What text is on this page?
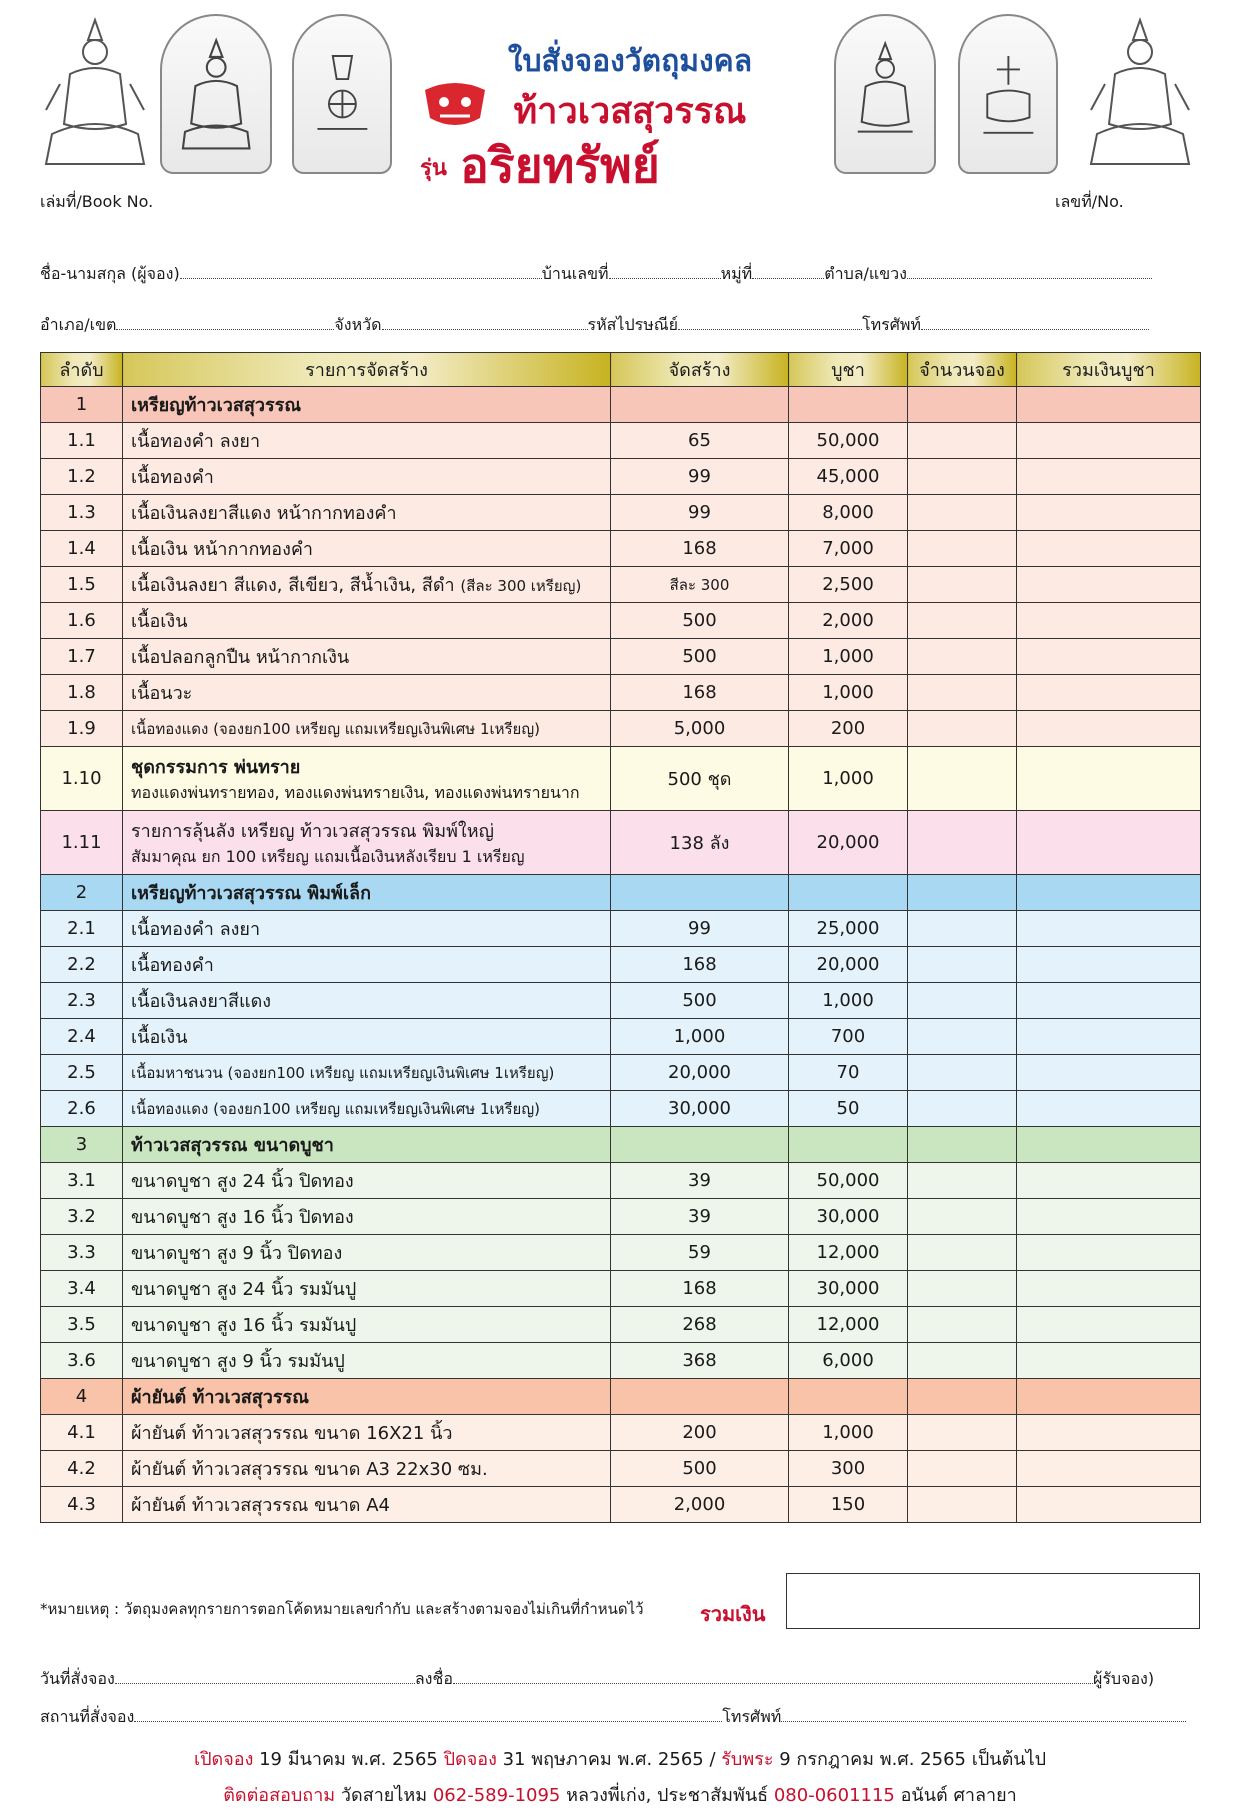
ใบสั่งจองวัตถุมงคล
ท้าวเวสสุวรรณ
รุ่น อริยทรัพย์
เล่มที่/Book No.	เลขที่/No.
ชื่อ-นามสกุล (ผู้จอง)	บ้านเลขที่	หมู่ที่	ตำบล/แขวง
อำเภอ/เขต	จังหวัด	รหัสไปรษณีย์	โทรศัพท์
ลำดับ	รายการจัดสร้าง	จัดสร้าง	บูชา	จำนวนจอง	รวมเงินบูชา
1	เหรียญท้าวเวสสุวรรณ				
1.1	เนื้อทองคำ ลงยา	65	50,000		
1.2	เนื้อทองคำ	99	45,000		
1.3	เนื้อเงินลงยาสีแดง หน้ากากทองคำ	99	8,000		
1.4	เนื้อเงิน หน้ากากทองคำ	168	7,000		
1.5	เนื้อเงินลงยา สีแดง, สีเขียว, สีน้ำเงิน, สีดำ (สีละ 300 เหรียญ)	สีละ 300	2,500		
1.6	เนื้อเงิน	500	2,000		
1.7	เนื้อปลอกลูกปืน หน้ากากเงิน	500	1,000		
1.8	เนื้อนวะ	168	1,000		
1.9	เนื้อทองแดง (จองยก100 เหรียญ แถมเหรียญเงินพิเศษ 1เหรียญ)	5,000	200		
1.10	ชุดกรรมการ พ่นทราย
ทองแดงพ่นทรายทอง, ทองแดงพ่นทรายเงิน, ทองแดงพ่นทรายนาก	500 ชุด	1,000		
1.11	รายการลุ้นลัง เหรียญ ท้าวเวสสุวรรณ พิมพ์ใหญ่
สัมมาคุณ ยก 100 เหรียญ แถมเนื้อเงินหลังเรียบ 1 เหรียญ	138 ลัง	20,000		
2	เหรียญท้าวเวสสุวรรณ พิมพ์เล็ก				
2.1	เนื้อทองคำ ลงยา	99	25,000		
2.2	เนื้อทองคำ	168	20,000		
2.3	เนื้อเงินลงยาสีแดง	500	1,000		
2.4	เนื้อเงิน	1,000	700		
2.5	เนื้อมหาชนวน (จองยก100 เหรียญ แถมเหรียญเงินพิเศษ 1เหรียญ)	20,000	70		
2.6	เนื้อทองแดง (จองยก100 เหรียญ แถมเหรียญเงินพิเศษ 1เหรียญ)	30,000	50		
3	ท้าวเวสสุวรรณ ขนาดบูชา				
3.1	ขนาดบูชา สูง 24 นิ้ว ปิดทอง	39	50,000		
3.2	ขนาดบูชา สูง 16 นิ้ว ปิดทอง	39	30,000		
3.3	ขนาดบูชา สูง 9 นิ้ว ปิดทอง	59	12,000		
3.4	ขนาดบูชา สูง 24 นิ้ว รมมันปู	168	30,000		
3.5	ขนาดบูชา สูง 16 นิ้ว รมมันปู	268	12,000		
3.6	ขนาดบูชา สูง 9 นิ้ว รมมันปู	368	6,000		
4	ผ้ายันต์ ท้าวเวสสุวรรณ				
4.1	ผ้ายันต์ ท้าวเวสสุวรรณ ขนาด 16X21 นิ้ว	200	1,000		
4.2	ผ้ายันต์ ท้าวเวสสุวรรณ ขนาด A3 22x30 ซม.	500	300		
4.3	ผ้ายันต์ ท้าวเวสสุวรรณ ขนาด A4	2,000	150		
*หมายเหตุ : วัตถุมงคลทุกรายการตอกโค้ดหมายเลขกำกับ และสร้างตามจองไม่เกินที่กำหนดไว้	รวมเงิน
วันที่สั่งจอง	ลงชื่อ	ผู้รับจอง)
สถานที่สั่งจอง	โทรศัพท์
เปิดจอง 19 มีนาคม พ.ศ. 2565 ปิดจอง 31 พฤษภาคม พ.ศ. 2565 / รับพระ 9 กรกฎาคม พ.ศ. 2565 เป็นต้นไป
ติดต่อสอบถาม วัดสายไหม 062-589-1095 หลวงพี่เก่ง, ประชาสัมพันธ์ 080-0601115 อนันต์ ศาลายา
